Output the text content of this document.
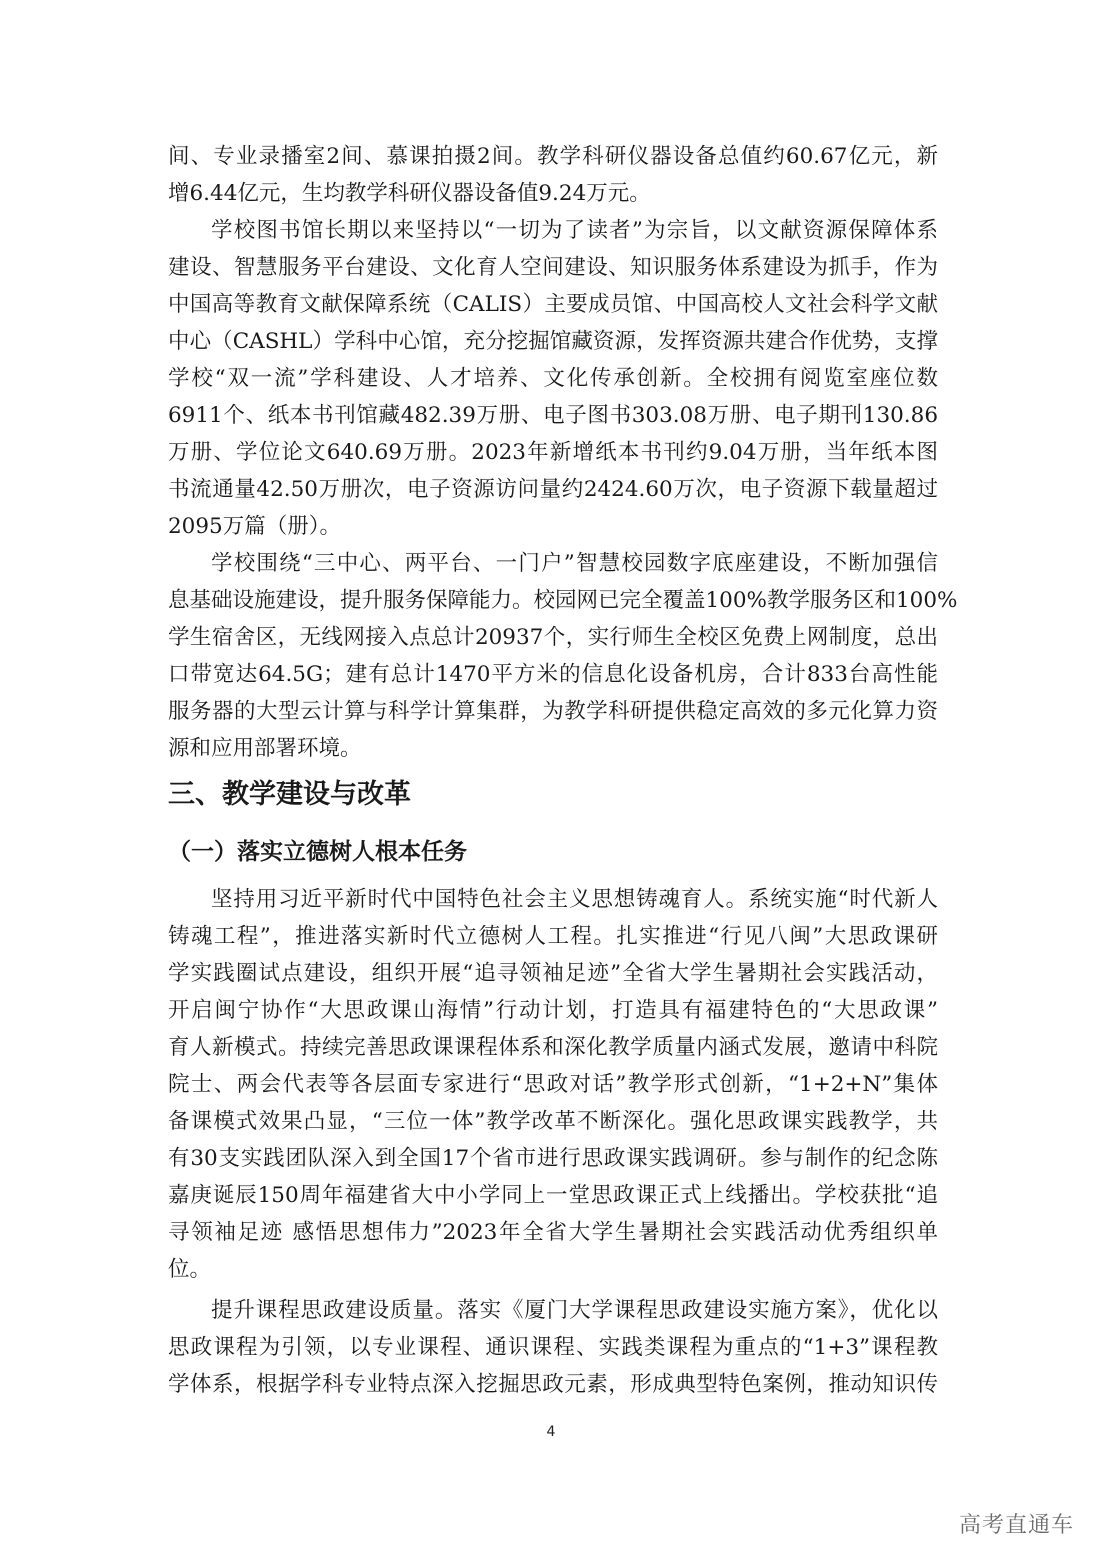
间、专业录播室2间、慕课拍摄2间。教学科研仪器设备总值约60.67亿元，新
增6.44亿元，生均教学科研仪器设备值9.24万元。
学校图书馆长期以来坚持以“一切为了读者”为宗旨，以文献资源保障体系
建设、智慧服务平台建设、文化育人空间建设、知识服务体系建设为抓手，作为
中国高等教育文献保障系统（CALIS）主要成员馆、中国高校人文社会科学文献
中心（CASHL）学科中心馆，充分挖掘馆藏资源，发挥资源共建合作优势，支撑
学校“双一流”学科建设、人才培养、文化传承创新。全校拥有阅览室座位数
6911个、纸本书刊馆藏482.39万册、电子图书303.08万册、电子期刊130.86
万册、学位论文640.69万册。2023年新增纸本书刊约9.04万册，当年纸本图
书流通量42.50万册次，电子资源访问量约2424.60万次，电子资源下载量超过
2095万篇（册）。
学校围绕“三中心、两平台、一门户”智慧校园数字底座建设，不断加强信
息基础设施建设，提升服务保障能力。校园网已完全覆盖100%教学服务区和100%
学生宿舍区，无线网接入点总计20937个，实行师生全校区免费上网制度，总出
口带宽达64.5G；建有总计1470平方米的信息化设备机房，合计833台高性能
服务器的大型云计算与科学计算集群，为教学科研提供稳定高效的多元化算力资
源和应用部署环境。
三、教学建设与改革
（一）落实立德树人根本任务
坚持用习近平新时代中国特色社会主义思想铸魂育人。系统实施“时代新人
铸魂工程”，推进落实新时代立德树人工程。扎实推进“行见八闽”大思政课研
学实践圈试点建设，组织开展“追寻领袖足迹”全省大学生暑期社会实践活动，
开启闽宁协作“大思政课山海情”行动计划，打造具有福建特色的“大思政课”
育人新模式。持续完善思政课课程体系和深化教学质量内涵式发展，邀请中科院
院士、两会代表等各层面专家进行“思政对话”教学形式创新，“1+2+N”集体
备课模式效果凸显，“三位一体”教学改革不断深化。强化思政课实践教学，共
有30支实践团队深入到全国17个省市进行思政课实践调研。参与制作的纪念陈
嘉庚诞辰150周年福建省大中小学同上一堂思政课正式上线播出。学校获批“追
寻领袖足迹 感悟思想伟力”2023年全省大学生暑期社会实践活动优秀组织单
位。
提升课程思政建设质量。落实《厦门大学课程思政建设实施方案》，优化以
思政课程为引领，以专业课程、通识课程、实践类课程为重点的“1+3”课程教
学体系，根据学科专业特点深入挖掘思政元素，形成典型特色案例，推动知识传
4
高考直通车
